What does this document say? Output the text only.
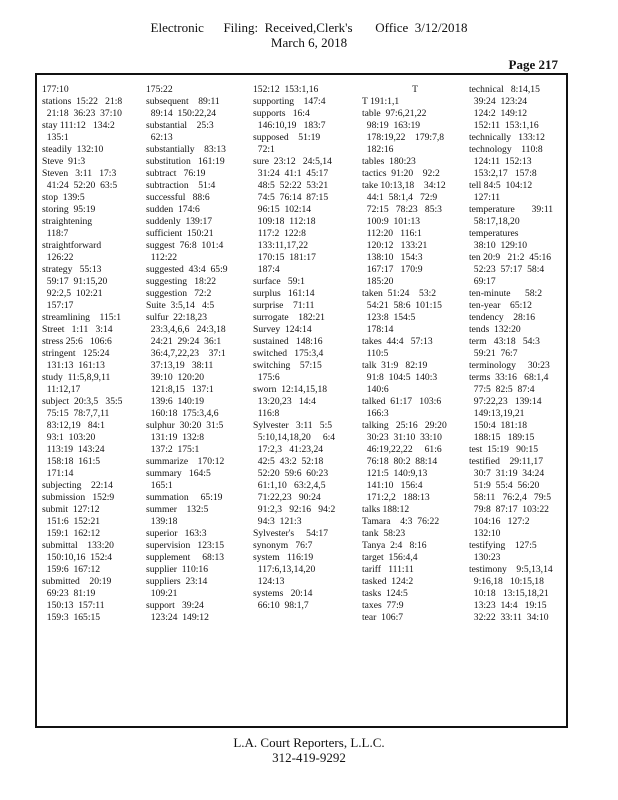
Electronic      Filing:  Received,Clerk's       Office  3/12/2018
March 6, 2018
Page 217
177:10
stations  15:22   21:8
21:18  36:23  37:10
stay 111:12   134:2
135:1
steadily  132:10
Steve  91:3
Steven   3:11   17:3
41:24  52:20  63:5
stop  139:5
storing  95:19
straightening
118:7
straightforward
126:22
strategy   55:13
59:17  91:15,20
92:2,5  102:21
157:17
streamlining    115:1
Street   1:11   3:14
stress 25:6   106:6
stringent   125:24
131:13  161:13
study  11:5,8,9,11
11:12,17
subject  20:3,5   35:5
75:15  78:7,7,11
83:12,19   84:1
93:1  103:20
113:19  143:24
158:18  161:5
171:14
subjecting    22:14
submission   152:9
submit  127:12
151:6  152:21
159:1  162:12
submittal    133:20
150:10,16  152:4
159:6  167:12
submitted    20:19
69:23  81:19
150:13  157:11
159:3  165:15
175:22
subsequent    89:11
89:14  150:22,24
substantial    25:3
62:13
substantially    83:13
substitution   161:19
subtract   76:19
subtraction    51:4
successful   88:6
sudden  174:6
suddenly  139:17
sufficient  150:21
suggest  76:8  101:4
112:22
suggested  43:4  65:9
suggesting   18:22
suggestion   72:2
Suite  3:5,14   4:5
sulfur  22:18,23
23:3,4,6,6   24:3,18
24:21  29:24  36:1
36:4,7,22,23    37:1
37:13,19   38:11
39:10  120:20
121:8,15   137:1
139:6  140:19
160:18  175:3,4,6
sulphur  30:20  31:5
131:19  132:8
137:2  175:1
summarize    170:12
summary   164:5
165:1
summation     65:19
summer    132:5
139:18
superior   163:3
supervision   123:15
supplement     68:13
supplier  110:16
suppliers  23:14
109:21
support   39:24
123:24  149:12
152:12  153:1,16
supporting    147:4
supports   16:4
146:10,19   183:7
supposed    51:19
72:1
sure  23:12   24:5,14
31:24  41:1  45:17
48:5  52:22  53:21
74:5  76:14  87:15
96:15  102:14
109:18  112:18
117:2  122:8
133:11,17,22
170:15  181:17
187:4
surface   59:1
surplus   161:14
surprise    71:11
surrogate    182:21
Survey  124:14
sustained   148:16
switched   175:3,4
switching    57:15
175:6
sworn  12:14,15,18
13:20,23   14:4
116:8
Sylvester   3:11   5:5
5:10,14,18,20     6:4
17:2,3   41:23,24
42:5  43:2  52:18
52:20  59:6  60:23
61:1,10   63:2,4,5
71:22,23   90:24
91:2,3   92:16   94:2
94:3  121:3
Sylvester's     54:17
synonym   76:7
system   116:19
117:6,13,14,20
124:13
systems   20:14
66:10  98:1,7
T
T 191:1,1
table  97:6,21,22
98:19  163:19
178:19,22    179:7,8
182:16
tables  180:23
tactics  91:20    92:2
take 10:13,18    34:12
44:1  58:1,4   72:9
72:15   78:23   85:3
100:9  101:13
112:20   116:1
120:12   133:21
138:10   154:3
167:17   170:9
185:20
taken  51:24    53:2
54:21  58:6  101:15
123:8  154:5
178:14
takes  44:4   57:13
110:5
talk  31:9   82:19
91:8  104:5  140:3
140:6
talked  61:17   103:6
166:3
talking   25:16   29:20
30:23  31:10  33:10
46:19,22,22     61:6
76:18  80:2  88:14
121:5  140:9,13
141:10   156:4
171:2,2   188:13
talks 188:12
Tamara    4:3  76:22
tank  58:23
Tanya  2:4   8:16
target  156:4,4
tariff   111:11
tasked  124:2
tasks  124:5
taxes  77:9
tear  106:7
technical   8:14,15
39:24  123:24
124:2  149:12
152:11  153:1,16
technically   133:12
technology    110:8
124:11  152:13
153:2,17   157:8
tell 84:5  104:12
127:11
temperature       39:11
58:17,18,20
temperatures
38:10  129:10
ten 20:9   21:2  45:16
52:23  57:17  58:4
69:17
ten-minute      58:2
ten-year    65:12
tendency    28:16
tends  132:20
term   43:18   54:3
59:21  76:7
terminology     30:23
terms  33:16   68:1,4
77:5  82:5  87:4
97:22,23   139:14
149:13,19,21
150:4  181:18
188:15   189:15
test  15:19   90:15
testified    29:11,17
30:7  31:19  34:24
51:9  55:4  56:20
58:11   76:2,4   79:5
79:8  87:17  103:22
104:16   127:2
132:10
testifying    127:5
130:23
testimony    9:5,13,14
9:16,18   10:15,18
10:18   13:15,18,21
13:23  14:4   19:15
32:22  33:11  34:10
L.A. Court Reporters, L.L.C.
312-419-9292
